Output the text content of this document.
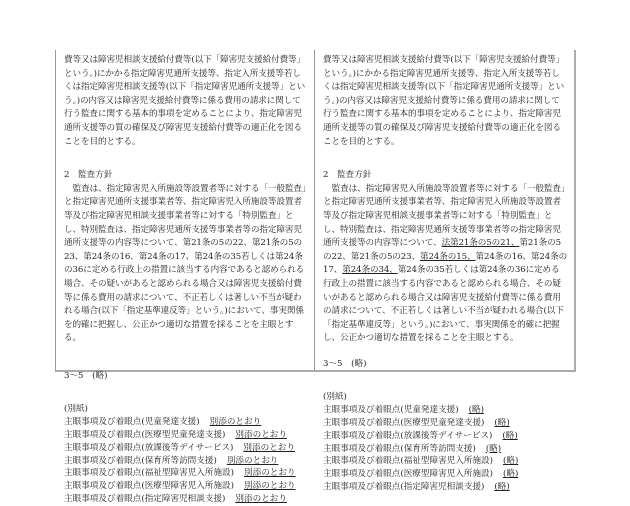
費等又は障害児相談支援給付費等(以下「障害児支援給付費等」という。)にかかる指定障害児通所支援等、指定入所支援等若しくは指定障害児相談支援等(以下「指定障害児通所支援等」という。)の内容又は障害児支援給付費等に係る費用の請求に関して行う監査に関する基本的事項を定めることにより、指定障害児通所支援等の質の確保及び障害児支援給付費等の適正化を図ることを目的とする。

2　監査方針

監査は、指定障害児入所施設等設置者等に対する「一般監査」と指定障害児通所支援事業者等、指定障害児入所施設等設置者等及び指定障害児相談支援事業者等に対する「特別監査」とし、特別監査は、指定障害児通所支援等事業者等の指定障害児通所支援等の内容等について、第21条の5の22、第21条の5の23、第24条の16、第24条の17、第24条の35若しくは第24条の36に定める行政上の措置に該当する内容であると認められる場合、その疑いがあると認められる場合又は障害児支援給付費等に係る費用の請求について、不正若しくは著しい不当が疑われる場合(以下「指定基準違反等」という。)において、事実関係を的確に把握し、公正かつ適切な措置を採ることを主眼とする。

3～5　(略)

(別紙)
主眼事項及び着眼点(児童発達支援) 別添のとおり
主眼事項及び着眼点(医療型児童発達支援) 別添のとおり
主眼事項及び着眼点(放課後等デイサービス) 別添のとおり
主眼事項及び着眼点(保育所等訪問支援) 別添のとおり
主眼事項及び着眼点(福祉型障害児入所施設) 別添のとおり
主眼事項及び着眼点(医療型障害児入所施設) 別添のとおり
主眼事項及び着眼点(指定障害児相談支援) 別添のとおり

費等又は障害児相談支援給付費等(以下「障害児支援給付費等」という。)にかかる指定障害児通所支援等、指定入所支援等若しくは指定障害児相談支援等(以下「指定障害児通所支援等」という。)の内容又は障害児支援給付費等に係る費用の請求に関して行う監査に関する基本的事項を定めることにより、指定障害児通所支援等の質の確保及び障害児支援給付費等の適正化を図ることを目的とする。

2　監査方針

監査は、指定障害児入所施設等設置者等に対する「一般監査」と指定障害児通所支援事業者等、指定障害児入所施設等設置者等及び指定障害児相談支援事業者等に対する「特別監査」とし、特別監査は、指定障害児通所支援等事業者等の指定障害児通所支援等の内容等について、法第21条の5の21、第21条の5の22、第21条の5の23、第24条の15、第24条の16、第24条の17、第24条の34、第24条の35若しくは第24条の36に定める行政上の措置に該当する内容であると認められる場合、その疑いがあると認められる場合又は障害児支援給付費等に係る費用の請求について、不正若しくは著しい不当が疑われる場合(以下「指定基準違反等」という。)において、事実関係を的確に把握し、公正かつ適切な措置を採ることを主眼とする。

3～5　(略)

(別紙)
主眼事項及び着眼点(児童発達支援) (略)
主眼事項及び着眼点(医療型児童発達支援) (略)
主眼事項及び着眼点(放課後等デイサービス) (略)
主眼事項及び着眼点(保育所等訪問支援) (略)
主眼事項及び着眼点(福祉型障害児入所施設) (略)
主眼事項及び着眼点(医療型障害児入所施設) (略)
主眼事項及び着眼点(指定障害児相談支援) (略)
